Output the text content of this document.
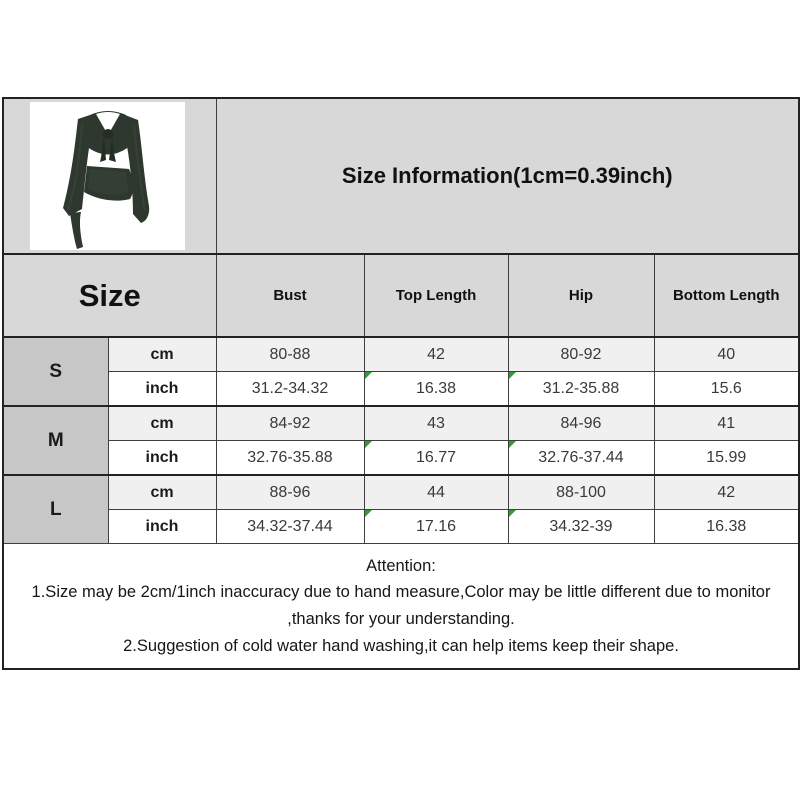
	Size Information(1cm=0.39inch)			
Size		Bust	Top Length	Hip	Bottom Length
S	cm	80-88	42	80-92	40
	inch	31.2-34.32	16.38	31.2-35.88	15.6
M	cm	84-92	43	84-96	41
	inch	32.76-35.88	16.77	32.76-37.44	15.99
L	cm	88-96	44	88-100	42
	inch	34.32-37.44	17.16	34.32-39	16.38

Attention:
1.Size may be 2cm/1inch inaccuracy due to hand measure,Color may be little different due to monitor
,thanks for your understanding.
2.Suggestion of cold water hand washing,it can help items keep their shape.					
